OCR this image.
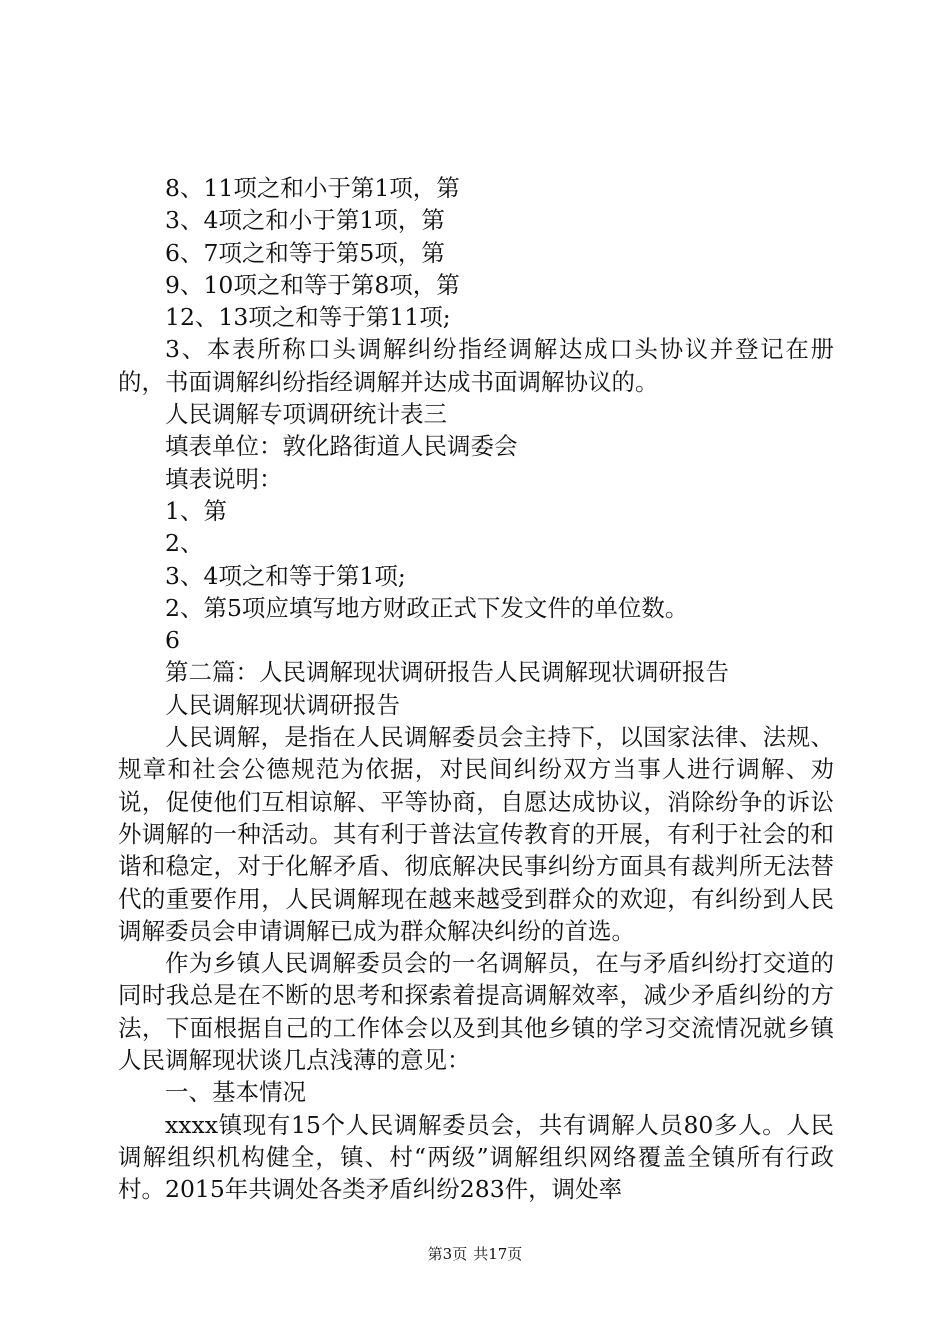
8、11项之和小于第1项，第

3、4项之和小于第1项，第

6、7项之和等于第5项，第

9、10项之和等于第8项，第

12、13项之和等于第11项;

3、本表所称口头调解纠纷指经调解达成口头协议并登记在册的，书面调解纠纷指经调解并达成书面调解协议的。

人民调解专项调研统计表三

填表单位：敦化路街道人民调委会

填表说明：

1、第

2、

3、4项之和等于第1项;

2、第5项应填写地方财政正式下发文件的单位数。

6

第二篇：人民调解现状调研报告人民调解现状调研报告

人民调解现状调研报告

人民调解，是指在人民调解委员会主持下，以国家法律、法规、规章和社会公德规范为依据，对民间纠纷双方当事人进行调解、劝说，促使他们互相谅解、平等协商，自愿达成协议，消除纷争的诉讼外调解的一种活动。其有利于普法宣传教育的开展，有利于社会的和谐和稳定，对于化解矛盾、彻底解决民事纠纷方面具有裁判所无法替代的重要作用，人民调解现在越来越受到群众的欢迎，有纠纷到人民调解委员会申请调解已成为群众解决纠纷的首选。

作为乡镇人民调解委员会的一名调解员，在与矛盾纠纷打交道的同时我总是在不断的思考和探索着提高调解效率，减少矛盾纠纷的方法，下面根据自己的工作体会以及到其他乡镇的学习交流情况就乡镇人民调解现状谈几点浅薄的意见：

一、基本情况

xxxx镇现有15个人民调解委员会，共有调解人员80多人。人民调解组织机构健全，镇、村“两级”调解组织网络覆盖全镇所有行政村。2015年共调处各类矛盾纠纷283件，调处率

第3页 共17页
